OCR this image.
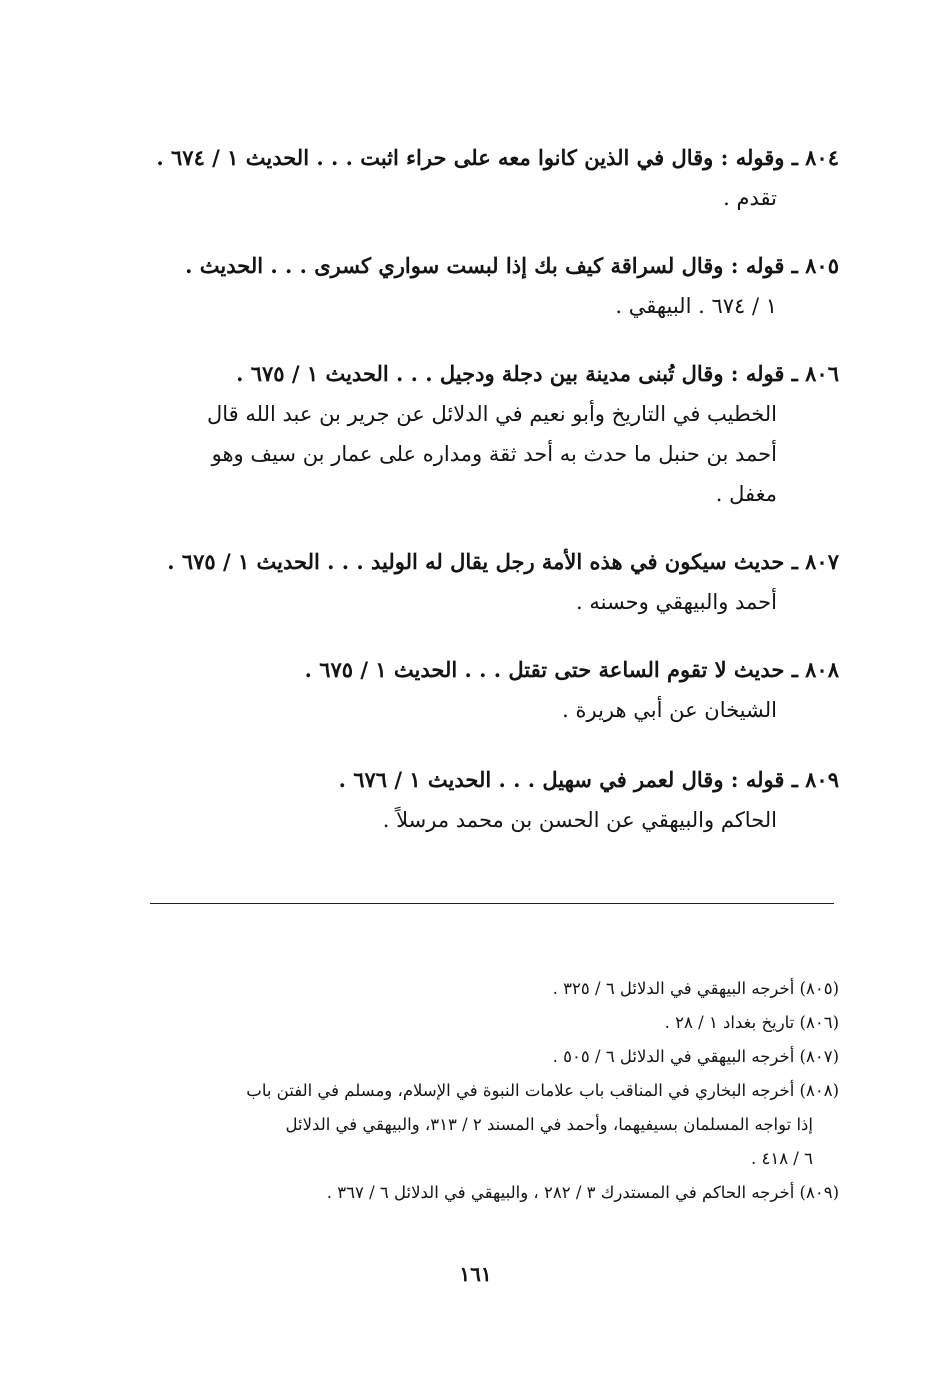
٨٠٤ ـ وقوله : وقال في الذين كانوا معه على حراء اثبت . . . الحديث ١ / ٦٧٤ .
تقدم .
٨٠٥ ـ قوله : وقال لسراقة كيف بك إذا لبست سواري كسرى . . . الحديث .
١ / ٦٧٤ . البيهقي .
٨٠٦ ـ قوله : وقال تُبنى مدينة بين دجلة ودجيل . . . الحديث ١ / ٦٧٥ .
الخطيب في التاريخ وأبو نعيم في الدلائل عن جرير بن عبد الله قال
أحمد بن حنبل ما حدث به أحد ثقة ومداره على عمار بن سيف وهو
مغفل .
٨٠٧ ـ حديث سيكون في هذه الأمة رجل يقال له الوليد . . . الحديث ١ / ٦٧٥ .
أحمد والبيهقي وحسنه .
٨٠٨ ـ حديث لا تقوم الساعة حتى تقتل . . . الحديث ١ / ٦٧٥ .
الشيخان عن أبي هريرة .
٨٠٩ ـ قوله : وقال لعمر في سهيل . . . الحديث ١ / ٦٧٦ .
الحاكم والبيهقي عن الحسن بن محمد مرسلاً .
(٨٠٥) أخرجه البيهقي في الدلائل ٦ / ٣٢٥ .
(٨٠٦) تاريخ بغداد ١ / ٢٨ .
(٨٠٧) أخرجه البيهقي في الدلائل ٦ / ٥٠٥ .
(٨٠٨) أخرجه البخاري في المناقب باب علامات النبوة في الإسلام، ومسلم في الفتن باب
إذا تواجه المسلمان بسيفيهما، وأحمد في المسند ٢ / ٣١٣، والبيهقي في الدلائل
٦ / ٤١٨ .
(٨٠٩) أخرجه الحاكم في المستدرك ٣ / ٢٨٢ ، والبيهقي في الدلائل ٦ / ٣٦٧ .
١٦١
